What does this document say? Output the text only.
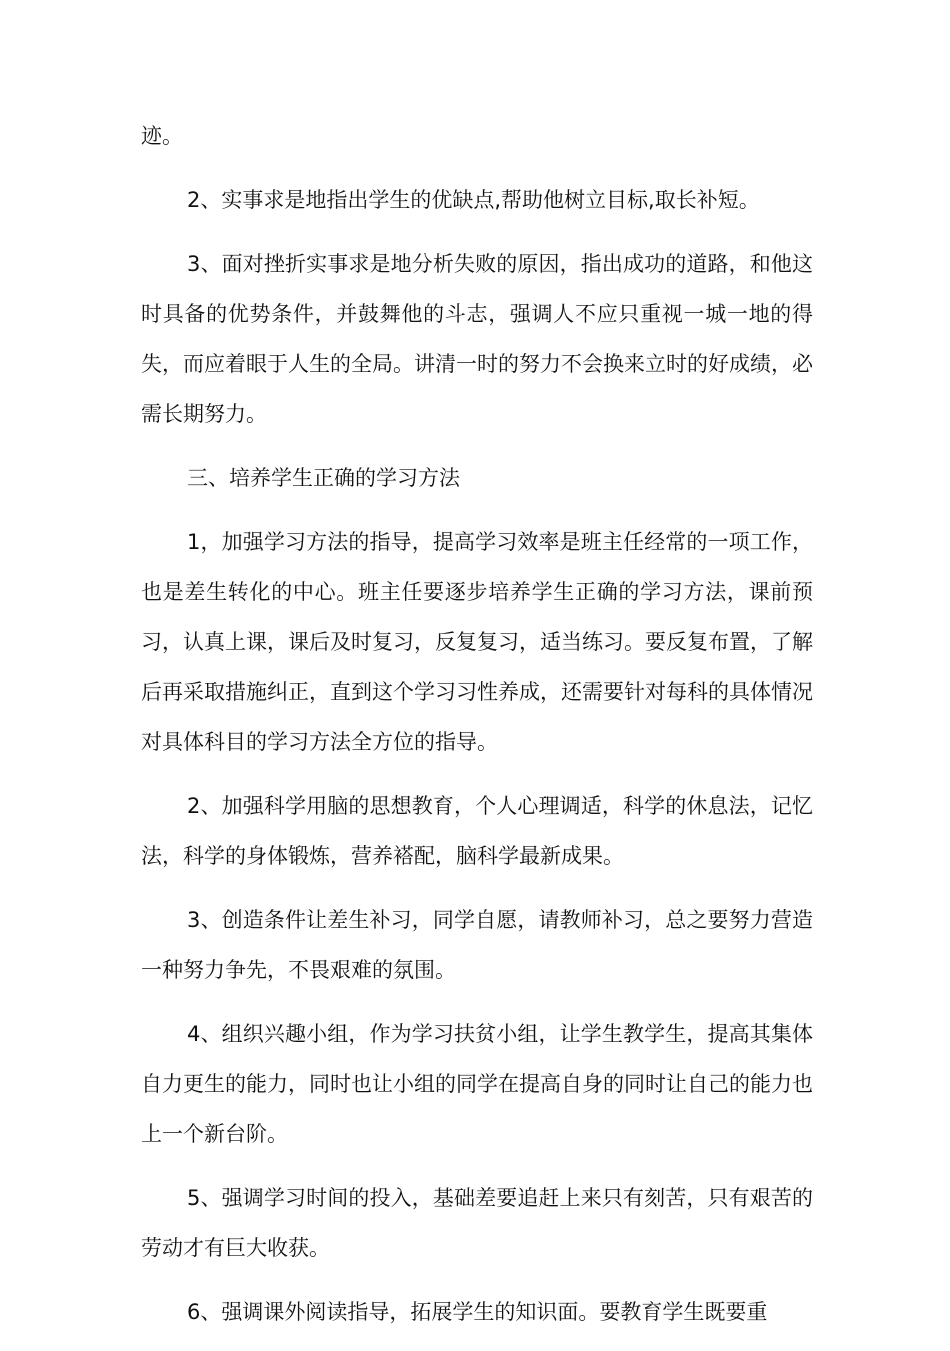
迹。

2、实事求是地指出学生的优缺点,帮助他树立目标,取长补短。

3、面对挫折实事求是地分析失败的原因，指出成功的道路，和他这时具备的优势条件，并鼓舞他的斗志，强调人不应只重视一城一地的得失，而应着眼于人生的全局。讲清一时的努力不会换来立时的好成绩，必需长期努力。

三、培养学生正确的学习方法

1，加强学习方法的指导，提高学习效率是班主任经常的一项工作，也是差生转化的中心。班主任要逐步培养学生正确的学习方法，课前预习，认真上课，课后及时复习，反复复习，适当练习。要反复布置，了解后再采取措施纠正，直到这个学习习性养成，还需要针对每科的具体情况对具体科目的学习方法全方位的指导。

2、加强科学用脑的思想教育，个人心理调适，科学的休息法，记忆法，科学的身体锻炼，营养褡配，脑科学最新成果。

3、创造条件让差生补习，同学自愿，请教师补习，总之要努力营造一种努力争先，不畏艰难的氛围。

4、组织兴趣小组，作为学习扶贫小组，让学生教学生，提高其集体自力更生的能力，同时也让小组的同学在提高自身的同时让自己的能力也上一个新台阶。

5、强调学习时间的投入，基础差要追赶上来只有刻苦，只有艰苦的劳动才有巨大收获。

6、强调课外阅读指导，拓展学生的知识面。要教育学生既要重
